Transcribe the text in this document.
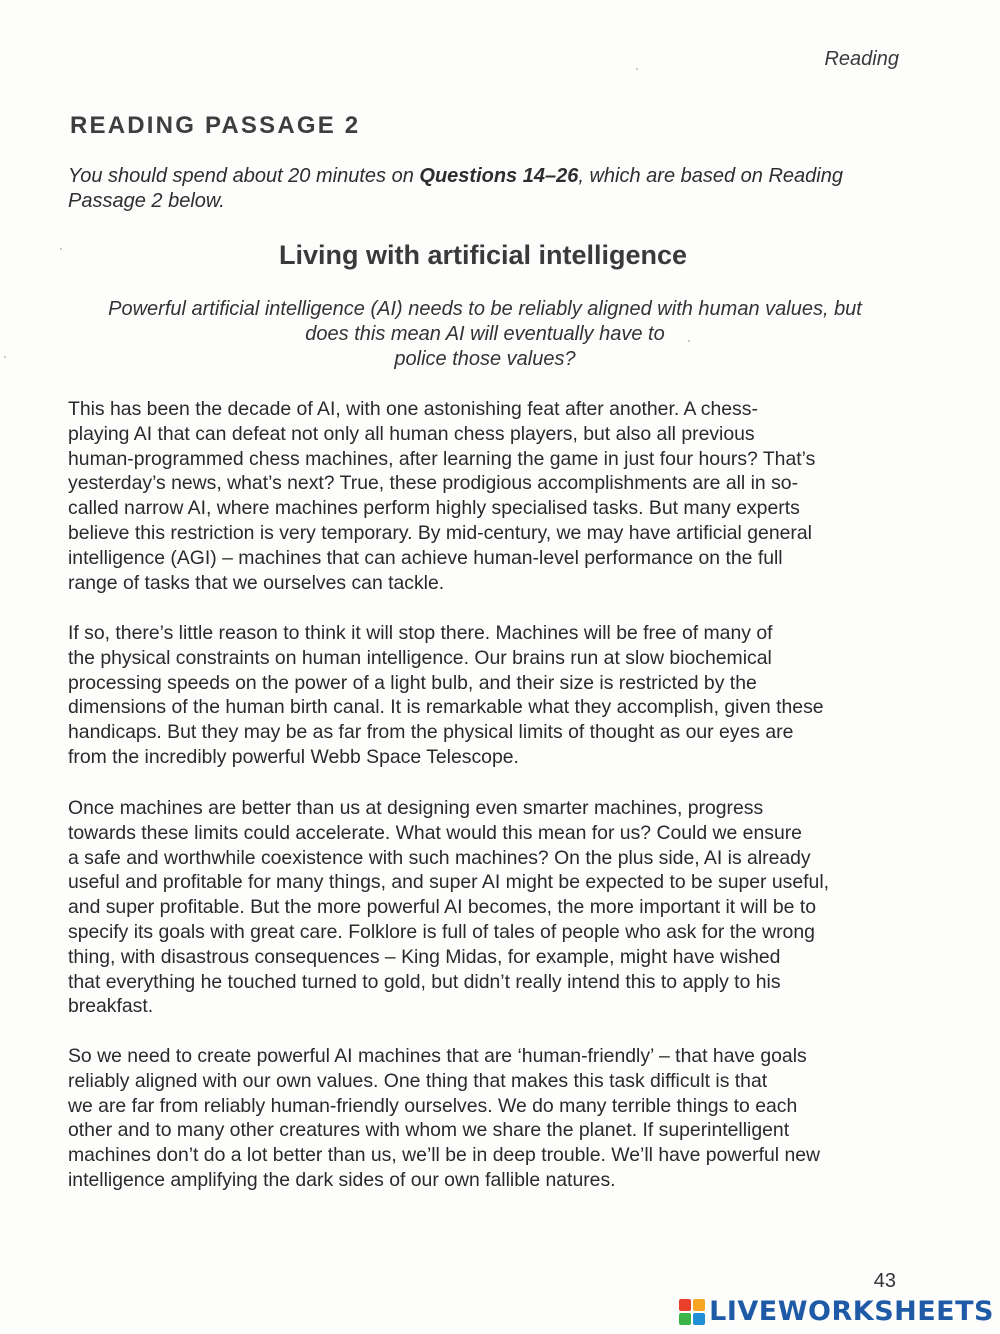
Reading
READING PASSAGE 2
You should spend about 20 minutes on Questions 14–26, which are based on Reading
Passage 2 below.
Living with artificial intelligence
Powerful artificial intelligence (AI) needs to be reliably aligned with human values, but
does this mean AI will eventually have to
police those values?
This has been the decade of AI, with one astonishing feat after another. A chess-
playing AI that can defeat not only all human chess players, but also all previous
human-programmed chess machines, after learning the game in just four hours? That’s
yesterday’s news, what’s next? True, these prodigious accomplishments are all in so-
called narrow AI, where machines perform highly specialised tasks. But many experts
believe this restriction is very temporary. By mid-century, we may have artificial general
intelligence (AGI) – machines that can achieve human-level performance on the full
range of tasks that we ourselves can tackle.
If so, there’s little reason to think it will stop there. Machines will be free of many of
the physical constraints on human intelligence. Our brains run at slow biochemical
processing speeds on the power of a light bulb, and their size is restricted by the
dimensions of the human birth canal. It is remarkable what they accomplish, given these
handicaps. But they may be as far from the physical limits of thought as our eyes are
from the incredibly powerful Webb Space Telescope.
Once machines are better than us at designing even smarter machines, progress
towards these limits could accelerate. What would this mean for us? Could we ensure
a safe and worthwhile coexistence with such machines? On the plus side, AI is already
useful and profitable for many things, and super AI might be expected to be super useful,
and super profitable. But the more powerful AI becomes, the more important it will be to
specify its goals with great care. Folklore is full of tales of people who ask for the wrong
thing, with disastrous consequences – King Midas, for example, might have wished
that everything he touched turned to gold, but didn’t really intend this to apply to his
breakfast.
So we need to create powerful AI machines that are ‘human-friendly’ – that have goals
reliably aligned with our own values. One thing that makes this task difficult is that
we are far from reliably human-friendly ourselves. We do many terrible things to each
other and to many other creatures with whom we share the planet. If superintelligent
machines don’t do a lot better than us, we’ll be in deep trouble. We’ll have powerful new
intelligence amplifying the dark sides of our own fallible natures.
43
LIVEWORKSHEETS
